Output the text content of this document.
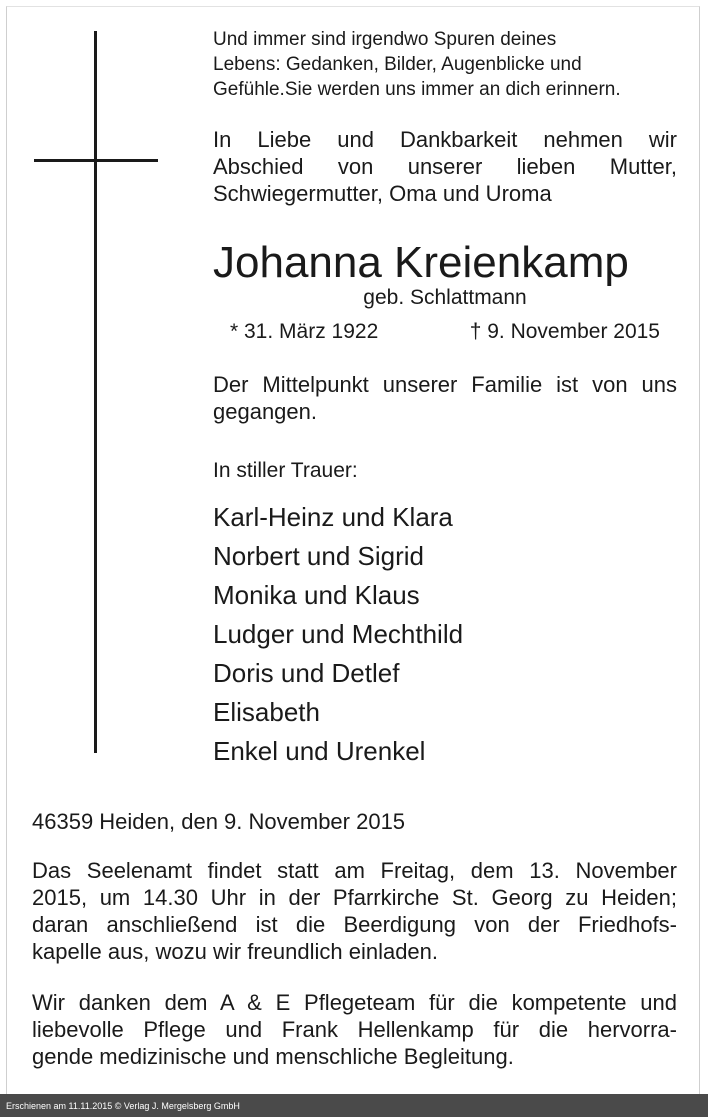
Und immer sind irgendwo Spuren deines
Lebens: Gedanken, Bilder, Augenblicke und
Gefühle.Sie werden uns immer an dich erinnern.
In Liebe und Dankbarkeit nehmen wir
Abschied von unserer lieben Mutter,
Schwiegermutter, Oma und Uroma
Johanna Kreienkamp
geb. Schlattmann
* 31. März 1922	† 9. November 2015
Der Mittelpunkt unserer Familie ist von uns
gegangen.
In stiller Trauer:
Karl-Heinz und Klara
Norbert und Sigrid
Monika und Klaus
Ludger und Mechthild
Doris und Detlef
Elisabeth
Enkel und Urenkel
46359 Heiden, den 9. November 2015
Das Seelenamt findet statt am Freitag, dem 13. November
2015, um 14.30 Uhr in der Pfarrkirche St. Georg zu Heiden;
daran anschließend ist die Beerdigung von der Friedhofs-
kapelle aus, wozu wir freundlich einladen.
Wir danken dem A & E Pflegeteam für die kompetente und
liebevolle Pflege und Frank Hellenkamp für die hervorra-
gende medizinische und menschliche Begleitung.
Erschienen am 11.11.2015 © Verlag J. Mergelsberg GmbH
